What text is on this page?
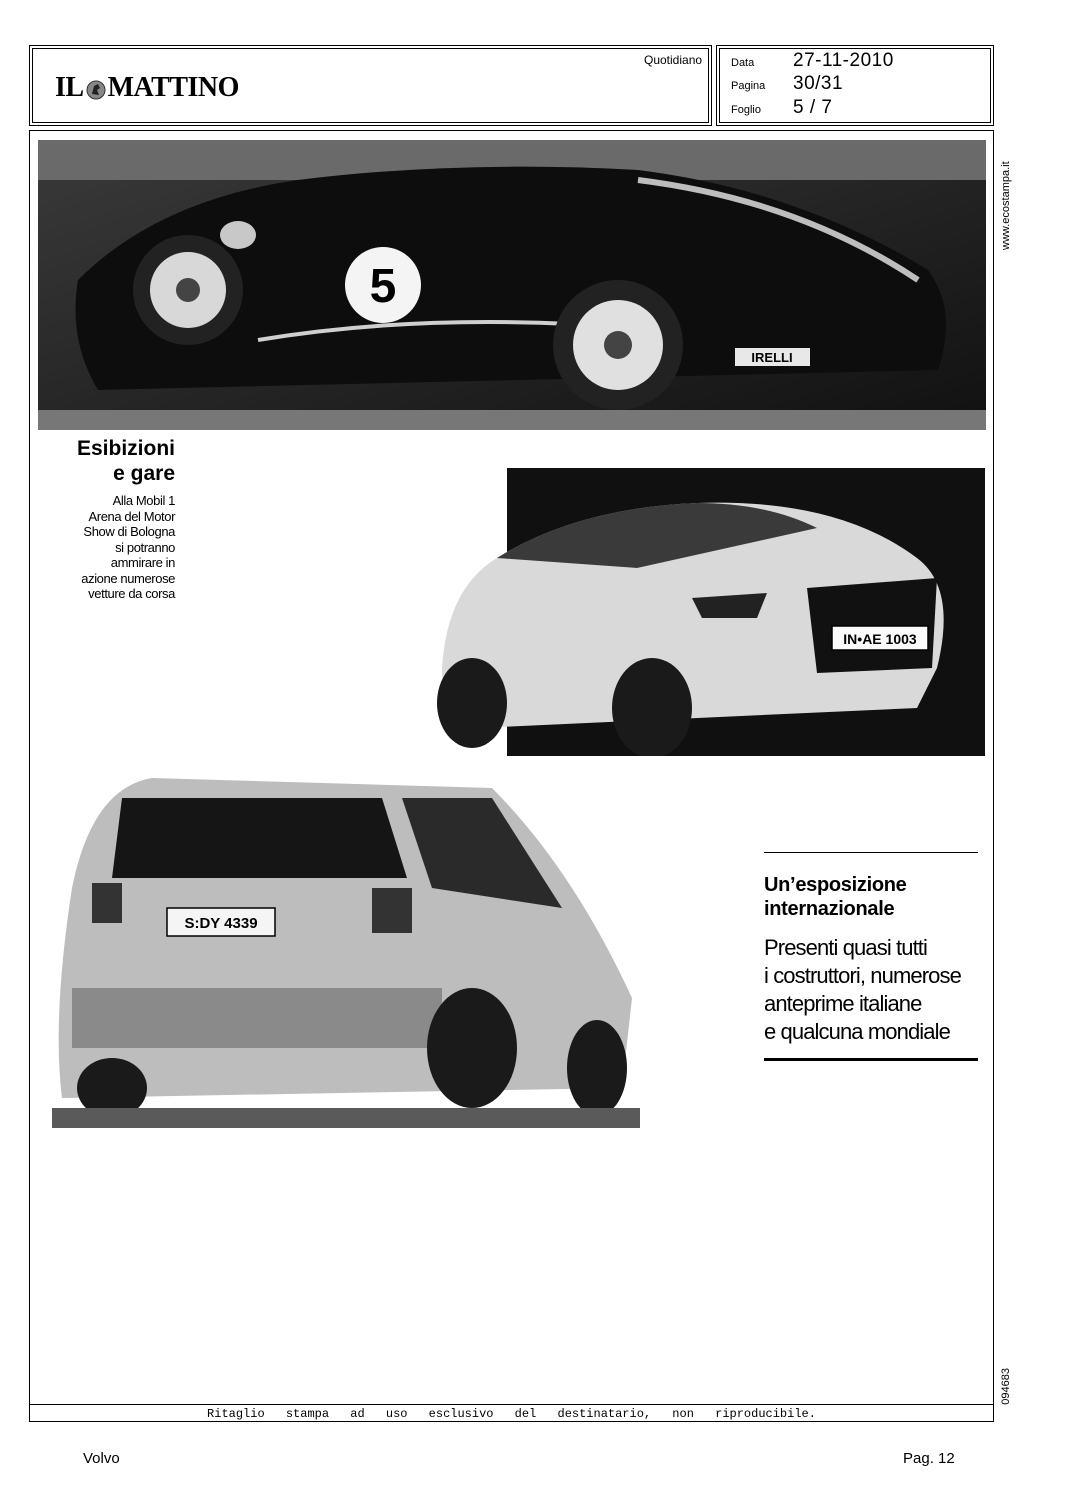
IL MATTINO
Quotidiano	Data	27-11-2010
Pagina	30/31
Foglio	5 / 7
www.ecostampa.it
094683
5
IRELLI
Esibizioni
e gare
Alla Mobil 1
Arena del Motor
Show di Bologna
si potranno
ammirare in
azione numerose
vetture da corsa
IN•AE 1003
S:DY 4339
Un’esposizione
internazionale
Presenti quasi tutti
i costruttori, numerose
anteprime italiane
e qualcuna mondiale
Ritaglio stampa ad uso esclusivo del destinatario, non riproducibile.
Volvo	Pag. 12
